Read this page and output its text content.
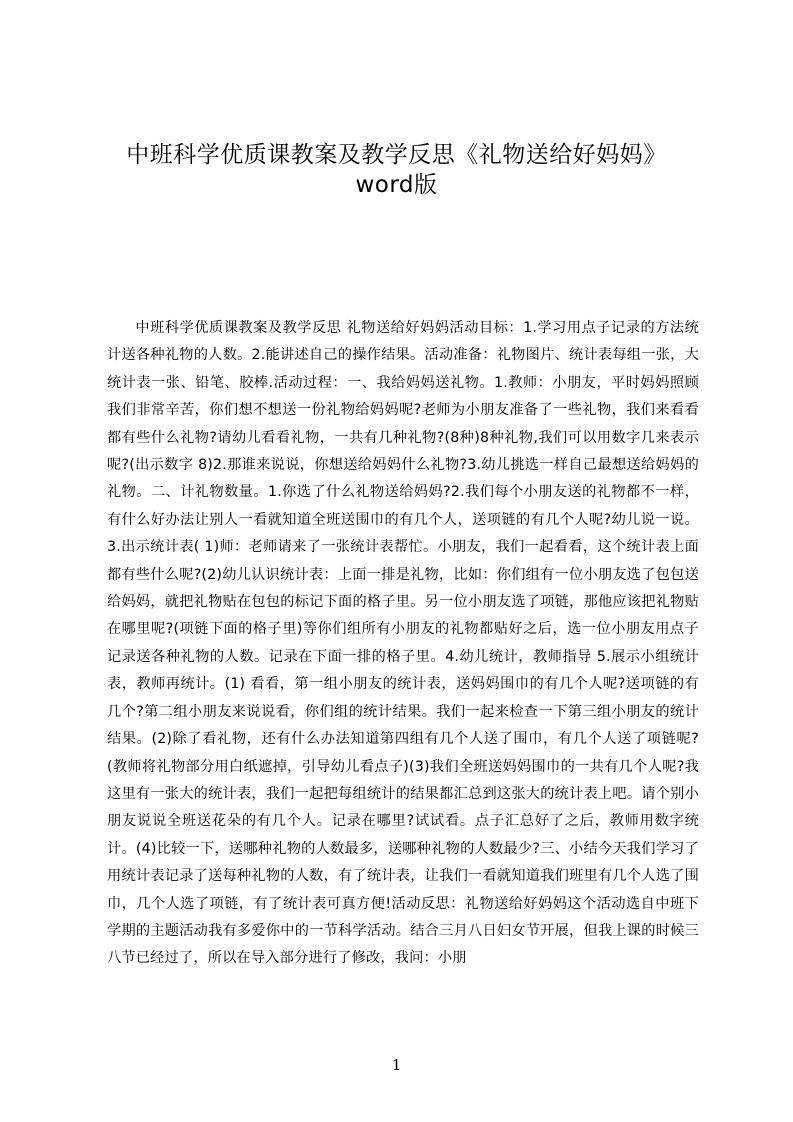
中班科学优质课教案及教学反思《礼物送给好妈妈》
word版
中班科学优质课教案及教学反思 礼物送给好妈妈活动目标：1.学习用点子记录的方法统计送各种礼物的人数。2.能讲述自己的操作结果。活动准备：礼物图片、统计表每组一张，大统计表一张、铅笔、胶棒.活动过程：一、我给妈妈送礼物。1.教师：小朋友，平时妈妈照顾我们非常辛苦，你们想不想送一份礼物给妈妈呢?老师为小朋友准备了一些礼物，我们来看看都有些什么礼物?请幼儿看看礼物，一共有几种礼物?(8种)8种礼物,我们可以用数字几来表示呢?(出示数字 8)2.那谁来说说，你想送给妈妈什么礼物?3.幼儿挑选一样自己最想送给妈妈的礼物。二、计礼物数量。1.你选了什么礼物送给妈妈?2.我们每个小朋友送的礼物都不一样，有什么好办法让别人一看就知道全班送围巾的有几个人，送项链的有几个人呢?幼儿说一说。3.出示统计表( 1)师：老师请来了一张统计表帮忙。小朋友，我们一起看看，这个统计表上面都有些什么呢?(2)幼儿认识统计表：上面一排是礼物，比如：你们组有一位小朋友选了包包送给妈妈，就把礼物贴在包包的标记下面的格子里。另一位小朋友选了项链，那他应该把礼物贴在哪里呢?(项链下面的格子里)等你们组所有小朋友的礼物都贴好之后，选一位小朋友用点子记录送各种礼物的人数。记录在下面一排的格子里。4.幼儿统计，教师指导 5.展示小组统计表，教师再统计。(1) 看看，第一组小朋友的统计表，送妈妈围巾的有几个人呢?送项链的有几个?第二组小朋友来说说看，你们组的统计结果。我们一起来检查一下第三组小朋友的统计结果。(2)除了看礼物，还有什么办法知道第四组有几个人送了围巾，有几个人送了项链呢?(教师将礼物部分用白纸遮掉，引导幼儿看点子)(3)我们全班送妈妈围巾的一共有几个人呢?我这里有一张大的统计表，我们一起把每组统计的结果都汇总到这张大的统计表上吧。请个别小朋友说说全班送花朵的有几个人。记录在哪里?试试看。点子汇总好了之后，教师用数字统计。(4)比较一下，送哪种礼物的人数最多，送哪种礼物的人数最少?三、小结今天我们学习了用统计表记录了送每种礼物的人数，有了统计表，让我们一看就知道我们班里有几个人选了围巾，几个人选了项链，有了统计表可真方便!活动反思：礼物送给好妈妈这个活动选自中班下学期的主题活动我有多爱你中的一节科学活动。结合三月八日妇女节开展，但我上课的时候三八节已经过了，所以在导入部分进行了修改，我问：小朋
1
